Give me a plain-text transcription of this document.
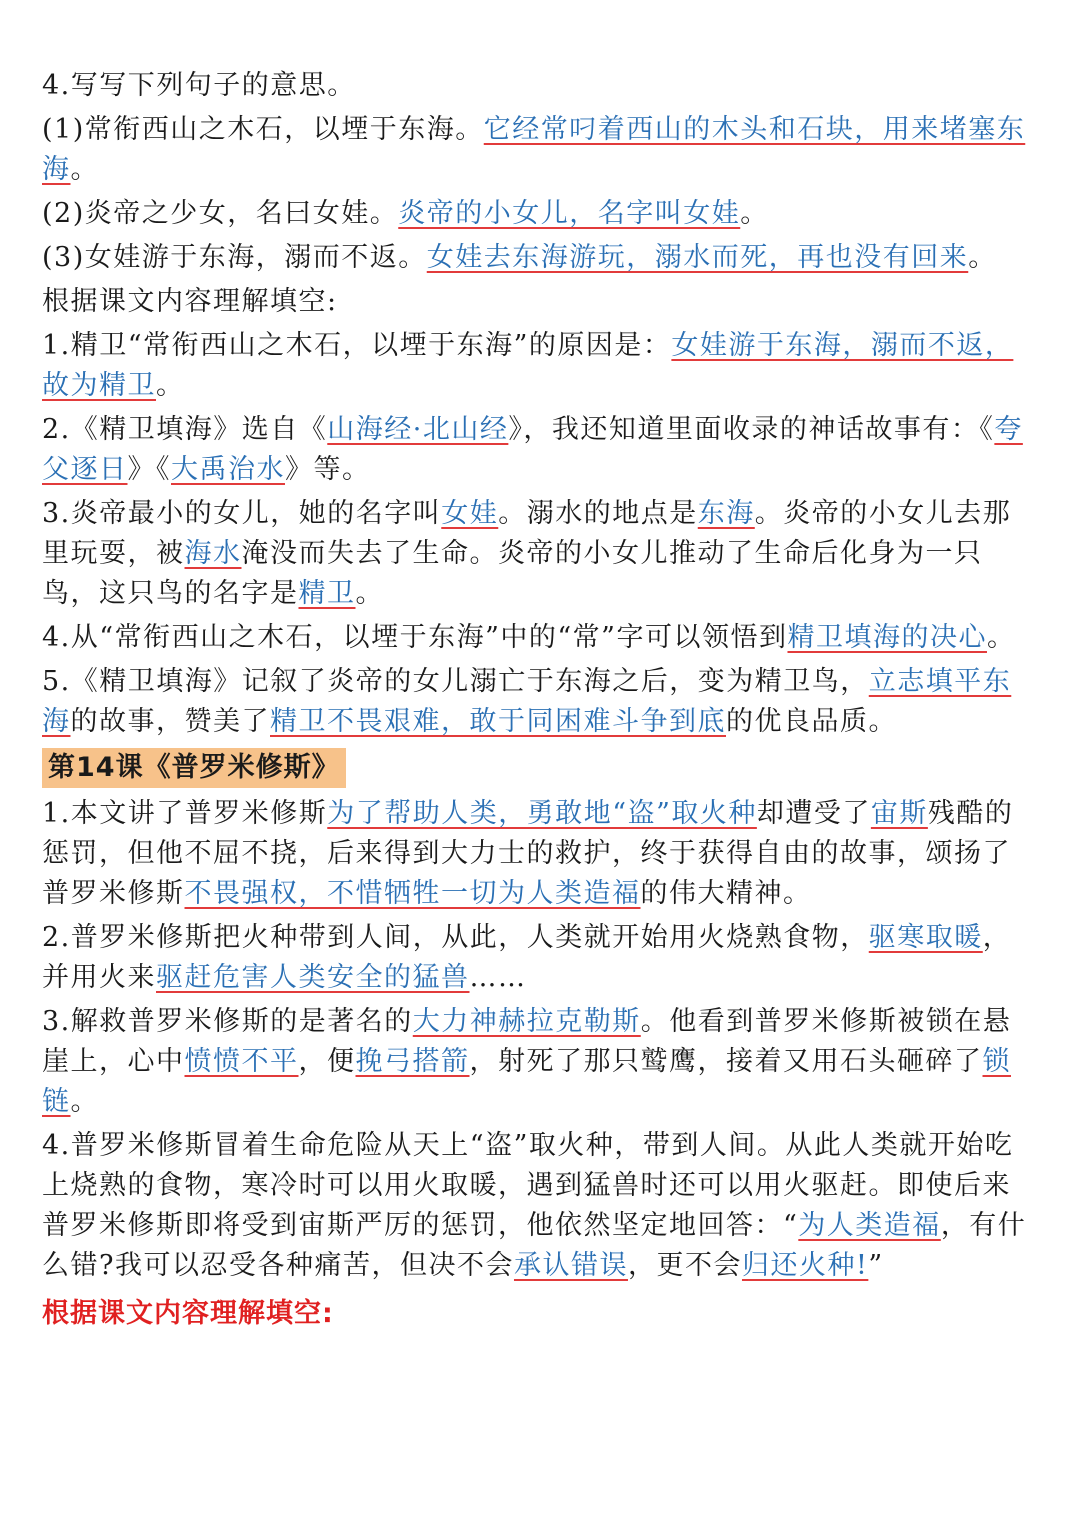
4.写写下列句子的意思。

(1)常衔西山之木石，以堙于东海。它经常叼着西山的木头和石块，用来堵塞东海。

(2)炎帝之少女，名曰女娃。炎帝的小女儿，名字叫女娃。

(3)女娃游于东海，溺而不返。女娃去东海游玩，溺水而死，再也没有回来。

根据课文内容理解填空:

1.精卫“常衔西山之木石，以堙于东海”的原因是：女娃游于东海，溺而不返，故为精卫。

2.《精卫填海》选自《山海经·北山经》，我还知道里面收录的神话故事有：《夸父逐日》《大禹治水》等。

3.炎帝最小的女儿，她的名字叫女娃。溺水的地点是东海。炎帝的小女儿去那里玩耍，被海水淹没而失去了生命。炎帝的小女儿推动了生命后化身为一只鸟，这只鸟的名字是精卫。

4.从“常衔西山之木石，以堙于东海”中的“常”字可以领悟到精卫填海的决心。

5.《精卫填海》记叙了炎帝的女儿溺亡于东海之后，变为精卫鸟，立志填平东海的故事，赞美了精卫不畏艰难，敢于同困难斗争到底的优良品质。

第14课《普罗米修斯》

1.本文讲了普罗米修斯为了帮助人类，勇敢地“盗”取火种却遭受了宙斯残酷的惩罚，但他不屈不挠，后来得到大力士的救护，终于获得自由的故事，颂扬了普罗米修斯不畏强权，不惜牺牲一切为人类造福的伟大精神。

2.普罗米修斯把火种带到人间，从此，人类就开始用火烧熟食物，驱寒取暖，并用火来驱赶危害人类安全的猛兽……

3.解救普罗米修斯的是著名的大力神赫拉克勒斯。他看到普罗米修斯被锁在悬崖上，心中愤愤不平，便挽弓搭箭，射死了那只鹫鹰，接着又用石头砸碎了锁链。

4.普罗米修斯冒着生命危险从天上“盗”取火种，带到人间。从此人类就开始吃上烧熟的食物，寒冷时可以用火取暖，遇到猛兽时还可以用火驱赶。即使后来普罗米修斯即将受到宙斯严厉的惩罚，他依然坚定地回答：“为人类造福，有什么错?我可以忍受各种痛苦，但决不会承认错误，更不会归还火种!”

根据课文内容理解填空:
